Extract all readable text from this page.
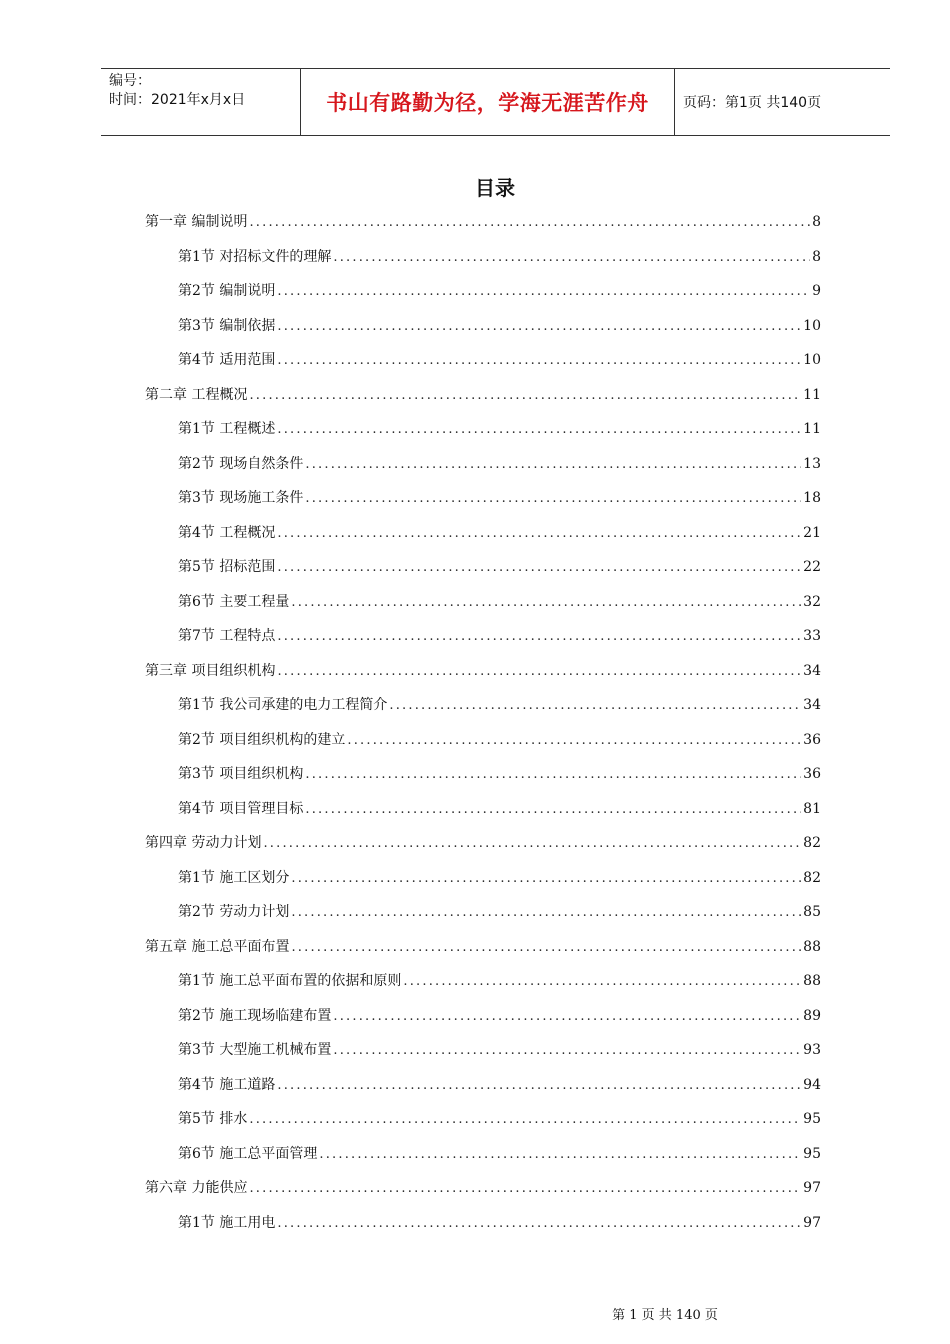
编号：
时间：2021年x月x日	书山有路勤为径，学海无涯苦作舟	页码：第1页 共140页
目录
第一章 编制说明 .....	8
第1节 对招标文件的理解 .....	8
第2节 编制说明 .....	9
第3节 编制依据 .....	10
第4节 适用范围 .....	10
第二章 工程概况 .....	11
第1节 工程概述 .....	11
第2节 现场自然条件 .....	13
第3节 现场施工条件 .....	18
第4节 工程概况 .....	21
第5节 招标范围 .....	22
第6节 主要工程量 .....	32
第7节 工程特点 .....	33
第三章 项目组织机构 .....	34
第1节 我公司承建的电力工程简介 .....	34
第2节 项目组织机构的建立 .....	36
第3节 项目组织机构 .....	36
第4节 项目管理目标 .....	81
第四章 劳动力计划 .....	82
第1节 施工区划分 .....	82
第2节 劳动力计划 .....	85
第五章 施工总平面布置 .....	88
第1节 施工总平面布置的依据和原则 .....	88
第2节 施工现场临建布置 .....	89
第3节 大型施工机械布置 .....	93
第4节 施工道路 .....	94
第5节 排水 .....	95
第6节 施工总平面管理 .....	95
第六章 力能供应 .....	97
第1节 施工用电 .....	97
第 1 页 共 140 页
